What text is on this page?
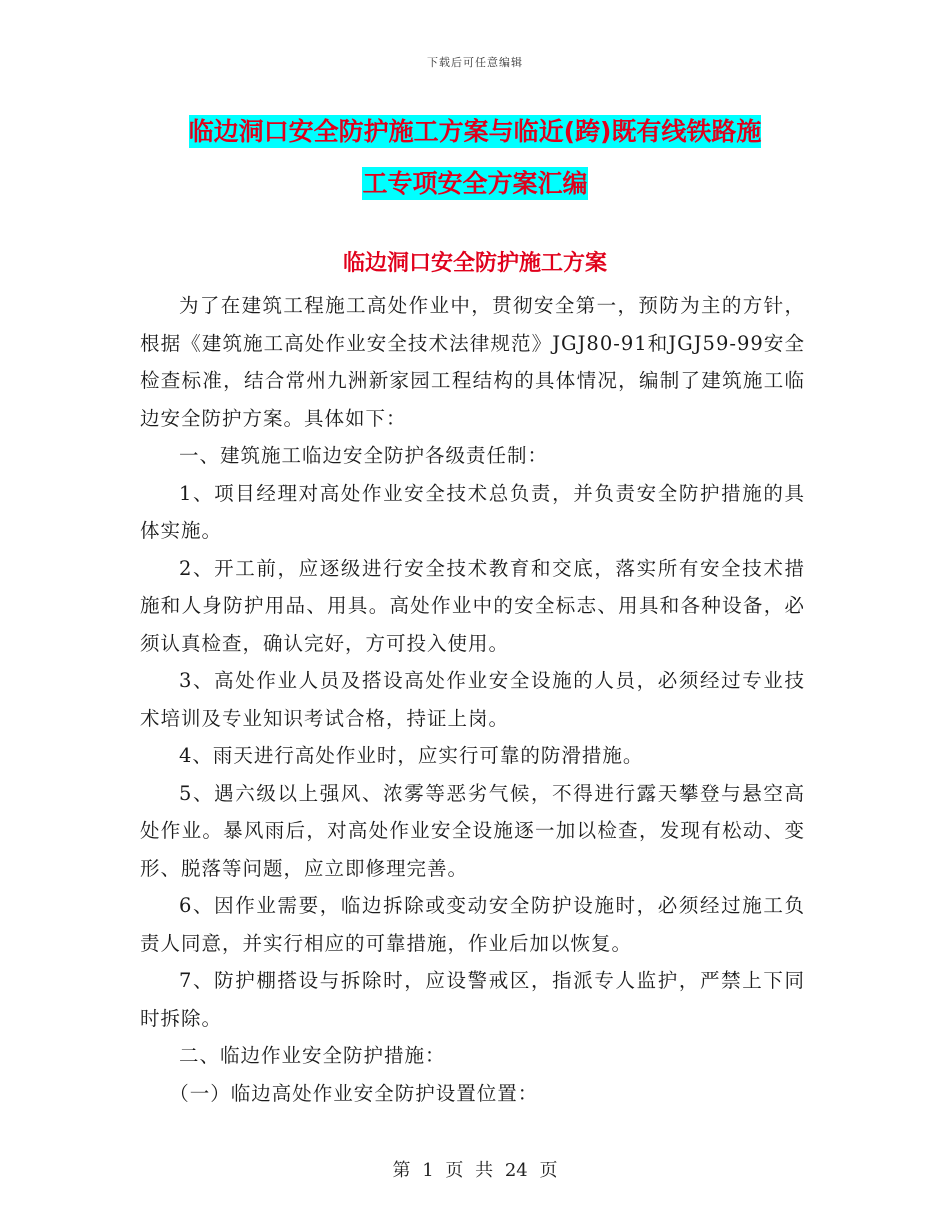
下载后可任意编辑
临边洞口安全防护施工方案与临近(跨)既有线铁路施
工专项安全方案汇编
临边洞口安全防护施工方案

为了在建筑工程施工高处作业中，贯彻安全第一，预防为主的方针，根据《建筑施工高处作业安全技术法律规范》JGJ80-91和JGJ59-99安全检查标准，结合常州九洲新家园工程结构的具体情况，编制了建筑施工临边安全防护方案。具体如下：

一、建筑施工临边安全防护各级责任制：

1、项目经理对高处作业安全技术总负责，并负责安全防护措施的具体实施。

2、开工前，应逐级进行安全技术教育和交底，落实所有安全技术措施和人身防护用品、用具。高处作业中的安全标志、用具和各种设备，必须认真检查，确认完好，方可投入使用。

3、高处作业人员及搭设高处作业安全设施的人员，必须经过专业技术培训及专业知识考试合格，持证上岗。

4、雨天进行高处作业时，应实行可靠的防滑措施。

5、遇六级以上强风、浓雾等恶劣气候，不得进行露天攀登与悬空高处作业。暴风雨后，对高处作业安全设施逐一加以检查，发现有松动、变形、脱落等问题，应立即修理完善。

6、因作业需要，临边拆除或变动安全防护设施时，必须经过施工负责人同意，并实行相应的可靠措施，作业后加以恢复。

7、防护棚搭设与拆除时，应设警戒区，指派专人监护，严禁上下同时拆除。

二、临边作业安全防护措施：

（一）临边高处作业安全防护设置位置：

第 1 页 共 24 页
